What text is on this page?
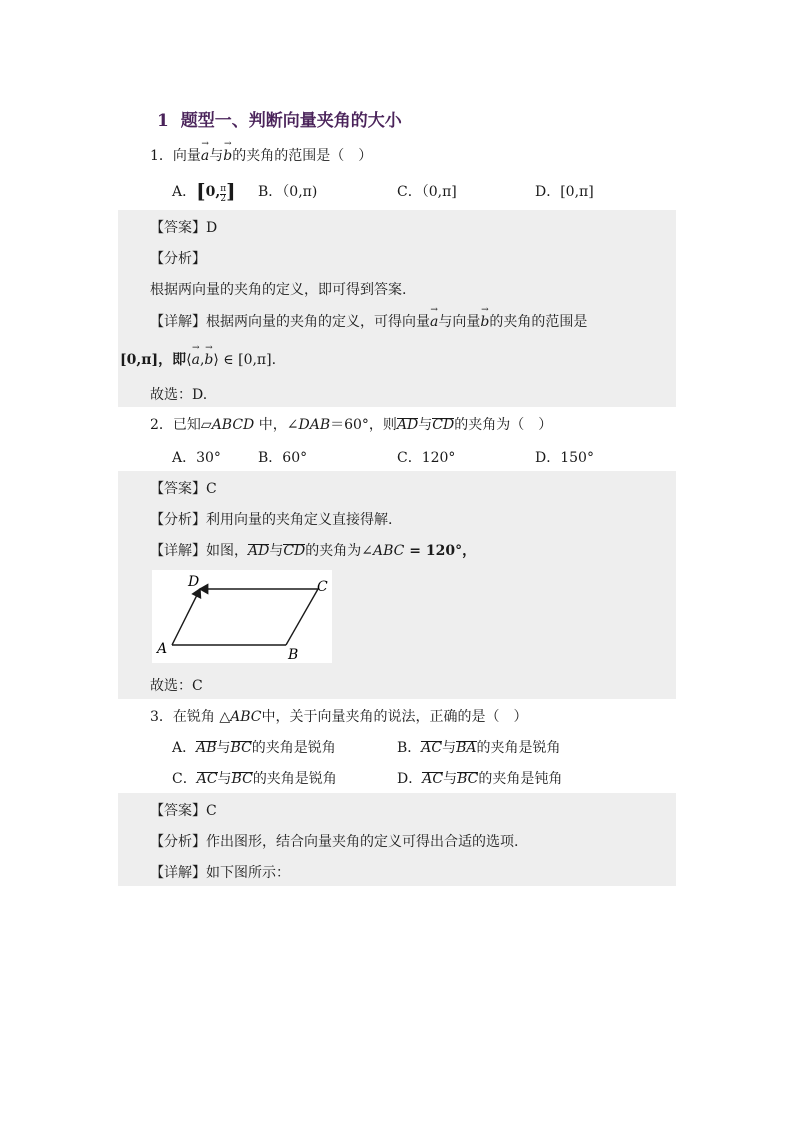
1 题型一、判断向量夹角的大小
1．向量a →与b →的夹角的范围是（　）
A．[0, $\frac{\pi}{2}$ ] B．（0,π)	C．（0,π]	D．[0,π]
【答案】D
【分析】
根据两向量的夹角的定义，即可得到答案.
【详解】根据两向量的夹角的定义，可得向量a →与向量b →的夹角的范围是
[0,π]，即⟨a →,b →⟩ ∈ [0,π].
故选：D.
2．已知▱ABCD 中，∠DAB＝60°，则AD与CD的夹角为（　）
A．30°	B．60°	C．120°	D．150°
【答案】C
【分析】利用向量的夹角定义直接得解.
【详解】如图，AD与CD的夹角为∠ABC = 120°，
A	B
C
D
故选：C
3．在锐角 △ABC中，关于向量夹角的说法，正确的是（　）
A．AB与BC的夹角是锐角	B．AC与BA的夹角是锐角
C．AC与BC的夹角是锐角	D．AC与BC的夹角是钝角
【答案】C
【分析】作出图形，结合向量夹角的定义可得出合适的选项.
【详解】如下图所示：
